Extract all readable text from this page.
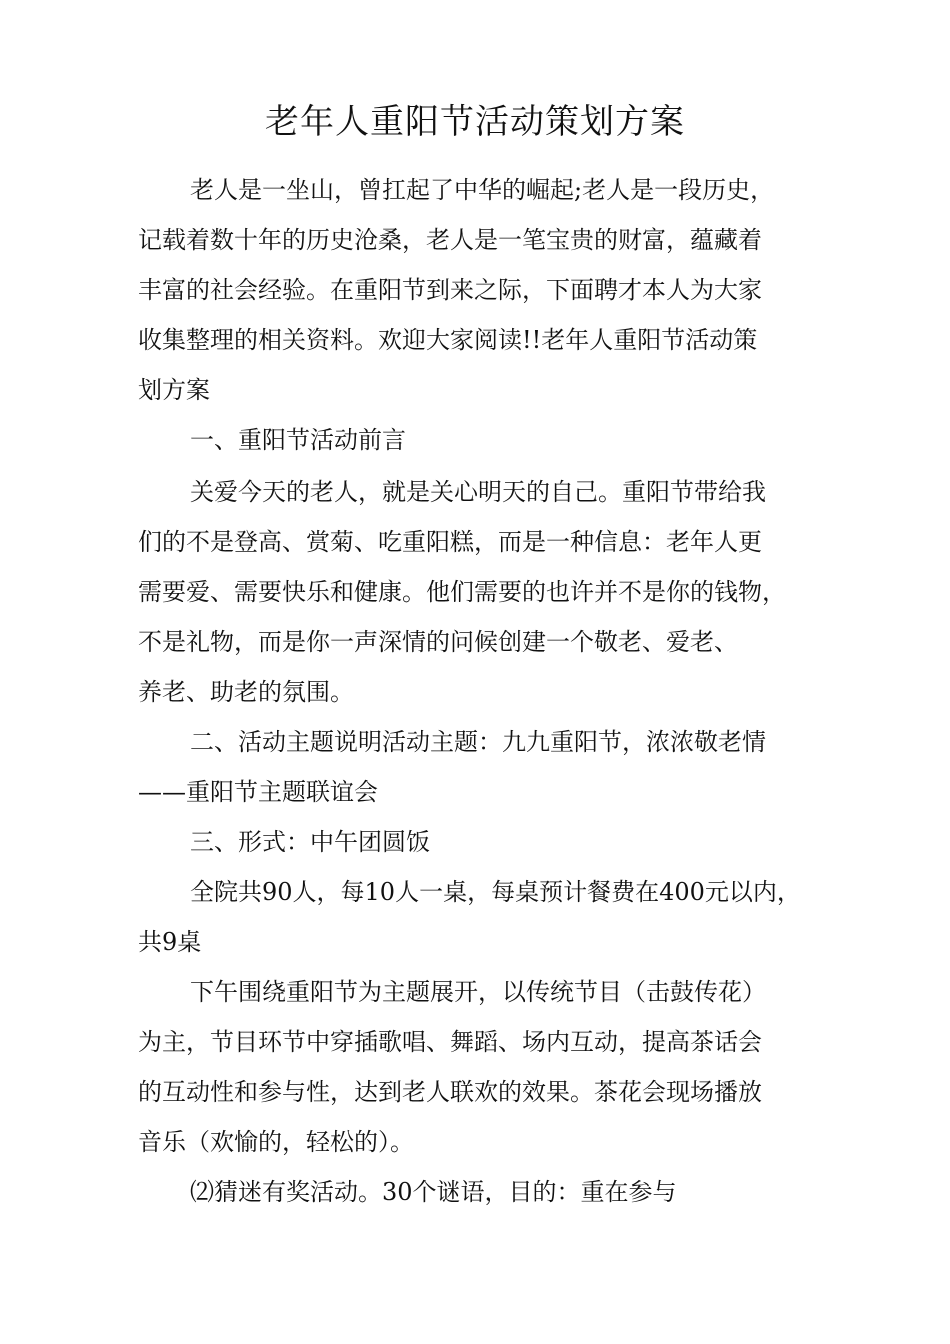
老年人重阳节活动策划方案

老人是一坐山，曾扛起了中华的崛起;老人是一段历史，

记载着数十年的历史沧桑，老人是一笔宝贵的财富，蕴藏着

丰富的社会经验。在重阳节到来之际，下面聘才本人为大家

收集整理的相关资料。欢迎大家阅读!!老年人重阳节活动策

划方案

一、重阳节活动前言

关爱今天的老人，就是关心明天的自己。重阳节带给我

们的不是登高、赏菊、吃重阳糕，而是一种信息：老年人更

需要爱、需要快乐和健康。他们需要的也许并不是你的钱物，

不是礼物，而是你一声深情的问候创建一个敬老、爱老、

养老、助老的氛围。

二、活动主题说明活动主题：九九重阳节，浓浓敬老情

——重阳节主题联谊会

三、形式：中午团圆饭

全院共90人，每10人一桌，每桌预计餐费在400元以内，

共9桌

下午围绕重阳节为主题展开，以传统节目（击鼓传花）

为主，节目环节中穿插歌唱、舞蹈、场内互动，提高茶话会

的互动性和参与性，达到老人联欢的效果。茶花会现场播放

音乐（欢愉的，轻松的）。

⑵猜迷有奖活动。30个谜语，目的：重在参与
